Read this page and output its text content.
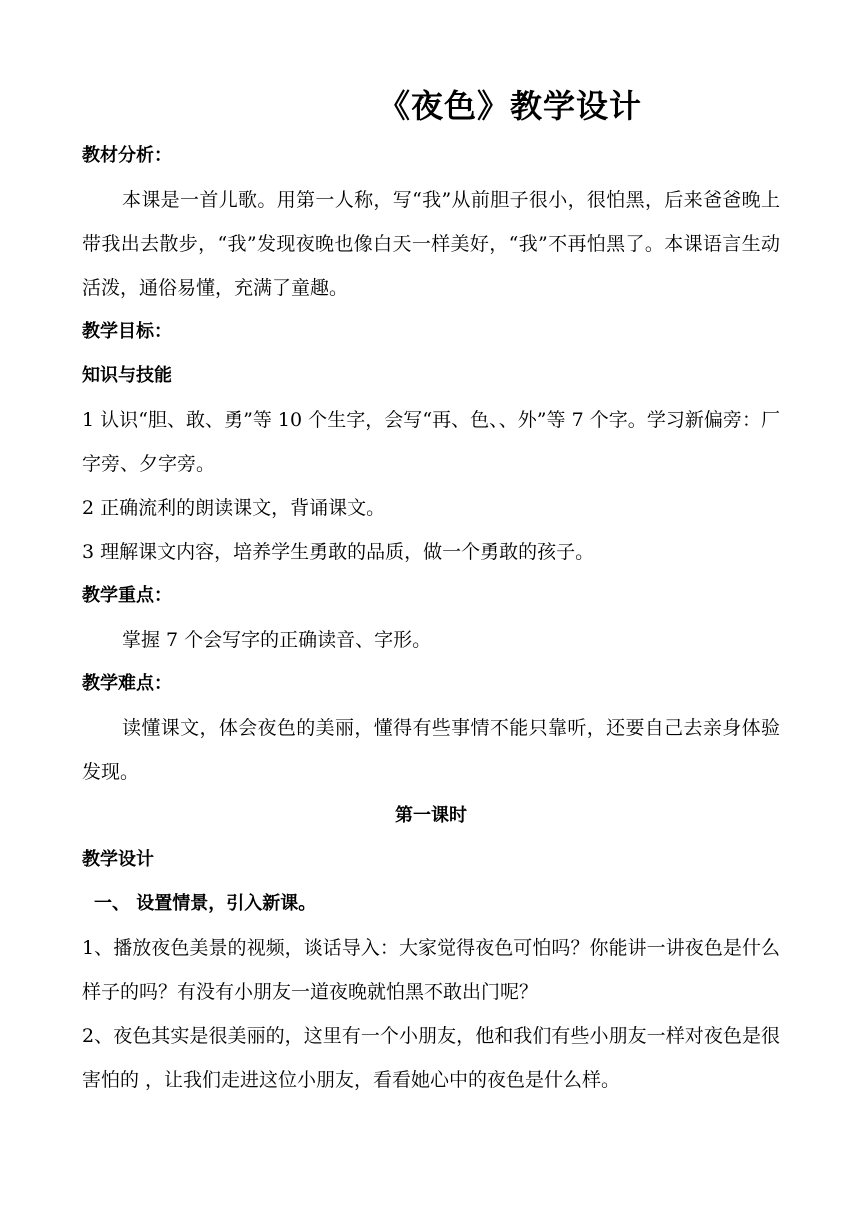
《夜色》教学设计
教材分析：
本课是一首儿歌。用第一人称，写“我”从前胆子很小，很怕黑，后来爸爸晚上带我出去散步，“我”发现夜晚也像白天一样美好，“我”不再怕黑了。本课语言生动活泼，通俗易懂，充满了童趣。
教学目标：
知识与技能
1 认识“胆、敢、勇”等 10 个生字，会写“再、色、、外”等 7 个字。学习新偏旁：厂字旁、夕字旁。
2 正确流利的朗读课文，背诵课文。
3 理解课文内容，培养学生勇敢的品质，做一个勇敢的孩子。
教学重点：
掌握 7 个会写字的正确读音、字形。
教学难点：
读懂课文，体会夜色的美丽，懂得有些事情不能只靠听，还要自己去亲身体验发现。
第一课时
教学设计
一、 设置情景，引入新课。
1、播放夜色美景的视频，谈话导入：大家觉得夜色可怕吗？你能讲一讲夜色是什么样子的吗？有没有小朋友一道夜晚就怕黑不敢出门呢？
2、夜色其实是很美丽的，这里有一个小朋友，他和我们有些小朋友一样对夜色是很害怕的 ，让我们走进这位小朋友，看看她心中的夜色是什么样。
